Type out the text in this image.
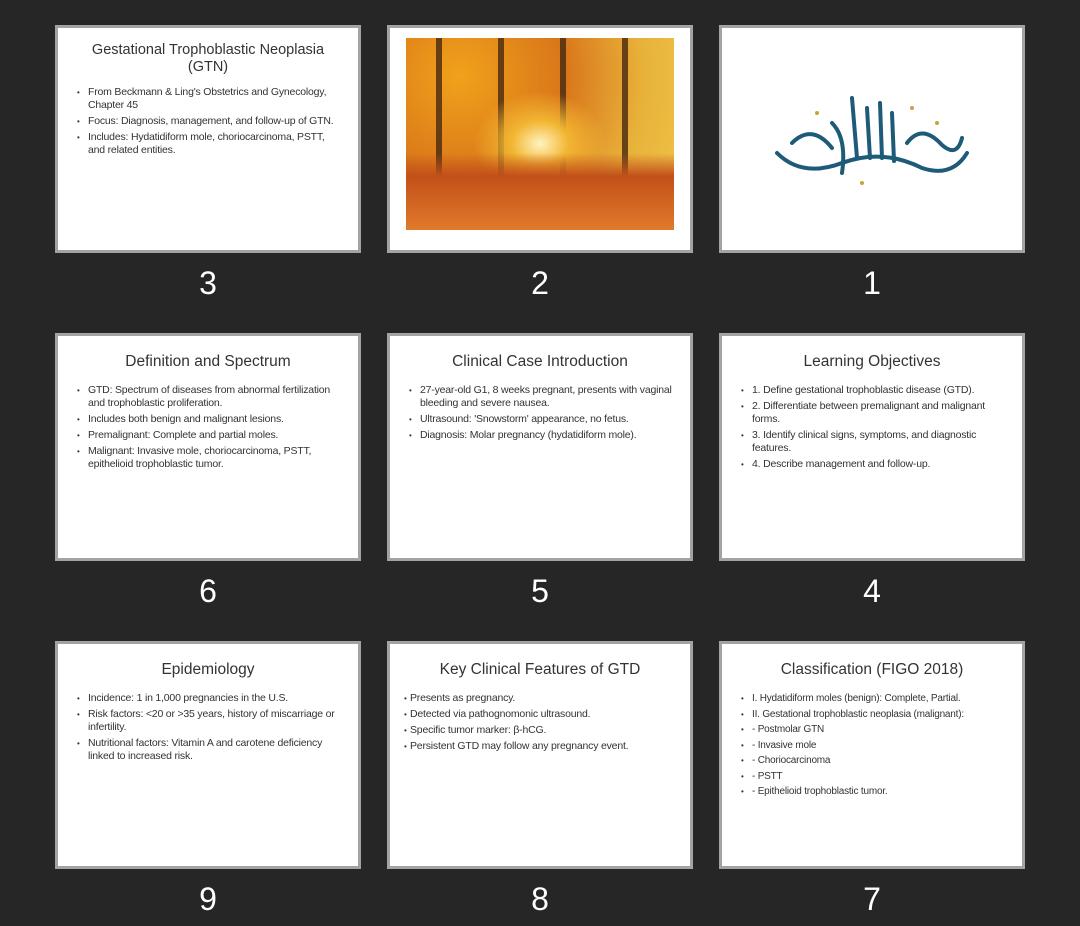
Gestational Trophoblastic Neoplasia (GTN)
• From Beckmann & Ling's Obstetrics and Gynecology, Chapter 45
• Focus: Diagnosis, management, and follow-up of GTN.
• Includes: Hydatidiform mole, choriocarcinoma, PSTT, and related entities.
3	2	1
Definition and Spectrum
• GTD: Spectrum of diseases from abnormal fertilization and trophoblastic proliferation.
• Includes both benign and malignant lesions.
• Premalignant: Complete and partial moles.
• Malignant: Invasive mole, choriocarcinoma, PSTT, epithelioid trophoblastic tumor.
6
Clinical Case Introduction
• 27-year-old G1, 8 weeks pregnant, presents with vaginal bleeding and severe nausea.
• Ultrasound: 'Snowstorm' appearance, no fetus.
• Diagnosis: Molar pregnancy (hydatidiform mole).
5
Learning Objectives
• 1. Define gestational trophoblastic disease (GTD).
• 2. Differentiate between premalignant and malignant forms.
• 3. Identify clinical signs, symptoms, and diagnostic features.
• 4. Describe management and follow-up.
4
Epidemiology
• Incidence: 1 in 1,000 pregnancies in the U.S.
• Risk factors: <20 or >35 years, history of miscarriage or infertility.
• Nutritional factors: Vitamin A and carotene deficiency linked to increased risk.
9
Key Clinical Features of GTD
• Presents as pregnancy.
• Detected via pathognomonic ultrasound.
• Specific tumor marker: β-hCG.
• Persistent GTD may follow any pregnancy event.
8
Classification (FIGO 2018)
• I. Hydatidiform moles (benign): Complete, Partial.
• II. Gestational trophoblastic neoplasia (malignant):
• - Postmolar GTN
• - Invasive mole
• - Choriocarcinoma
• - PSTT
• - Epithelioid trophoblastic tumor.
7
